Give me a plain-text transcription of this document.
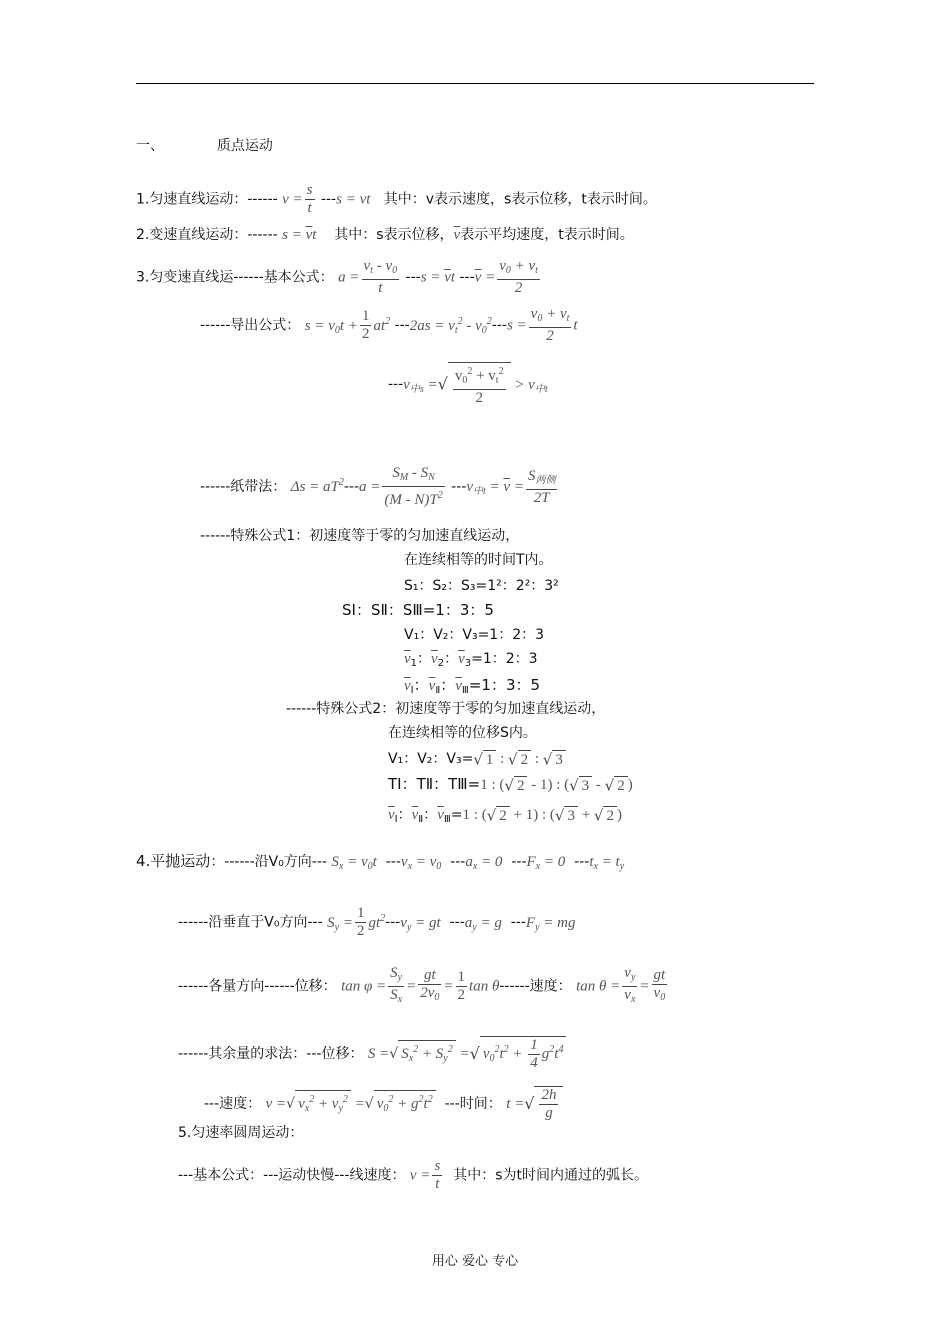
一、	质点运动
1.匀速直线运动：------ $v = \frac{s}{t} ---s$ = vt 其中：v表示速度，s表示位移，t表示时间。
2.变速直线运动：------ $s = \overline{v}t$ 其中：s表示位移，$\overline{v}$表示平均速度，t表示时间。
3.匀变速直线运------基本公式： $a = \frac{v_t - v_0}{t} ---s = \overline{v}t$ $---\overline{v} = \frac{v_0 + v_t}{2}$
------导出公式： $s = v_0t + \frac{1}{2} at^2$ $---2as = v_t^2 - v_0^2---s = \frac{v_0 + v_t}{2}$ t
$---v_{中s}$ =√ $\frac{v_0^2 + v_t^2}{2} > v_{中t}$
------纸带法： $\Delta s = aT^2---a = \frac{S_M - S_N}{(M - N)T^2} ---v_{中t} = \overline{v} = \frac{S_{两侧}}{2T}$
------特殊公式1：初速度等于零的匀加速直线运动，
在连续相等的时间T内。
S₁：S₂：S₃=1²：2²：3²
SⅠ：SⅡ：SⅢ=1：3：5
V₁：V₂：V₃=1：2：3
$\overline{v}_1$：$\overline{v}_2$：$\overline{v}_3=1$：2：3
$\overline{v}_Ⅰ$：$\overline{v}_Ⅱ$：$\overline{v}_Ⅲ=1$：3：5
------特殊公式2：初速度等于零的匀加速直线运动，
在连续相等的位移S内。
V₁：V₂：V₃=√ 1 : √ 2 : √ 3
TⅠ：TⅡ：TⅢ=1 : (√ 2 - 1) : (√ 3 - √ 2 )
$\overline{v}_Ⅰ$：$\overline{v}_Ⅱ$：$\overline{v}_Ⅲ=1$ : (√ 2 + 1) : (√ 3 + √ 2 )
4.平抛运动：------沿V₀方向--- $S_x = v_0t$  $---v_x = v_0$  $---a_x = 0$  $---F_x = 0$  $---t_x = t_y$
------沿垂直于V₀方向--- $S_y = \frac{1}{2} gt^2---v_y$ = gt  $---a_y = g$  $---F_y$ = mg
------各量方向------位移： $\tan \varphi = \frac{S_y}{S_x} = \frac{gt}{2v_0} = \frac{1}{2}$ tan θ------速度： $\tan \theta = \frac{v_y}{v_x} = \frac{gt}{v_0}$
------其余量的求法：---位移： S =√ $S_x^2 + S_y^2$ =√ $v_0^2t^2 + \frac{1}{4} g^2t^4$
---速度： v =√ $v_x^2 + v_y^2$ =√ $v_0^2 + g^2t^2$ ---时间： t =√ $\frac{2h}{g}$
5.匀速率圆周运动：
---基本公式：---运动快慢---线速度： $v = \frac{s}{t}$ 其中：s为t时间内通过的弧长。
用心 爱心 专心
